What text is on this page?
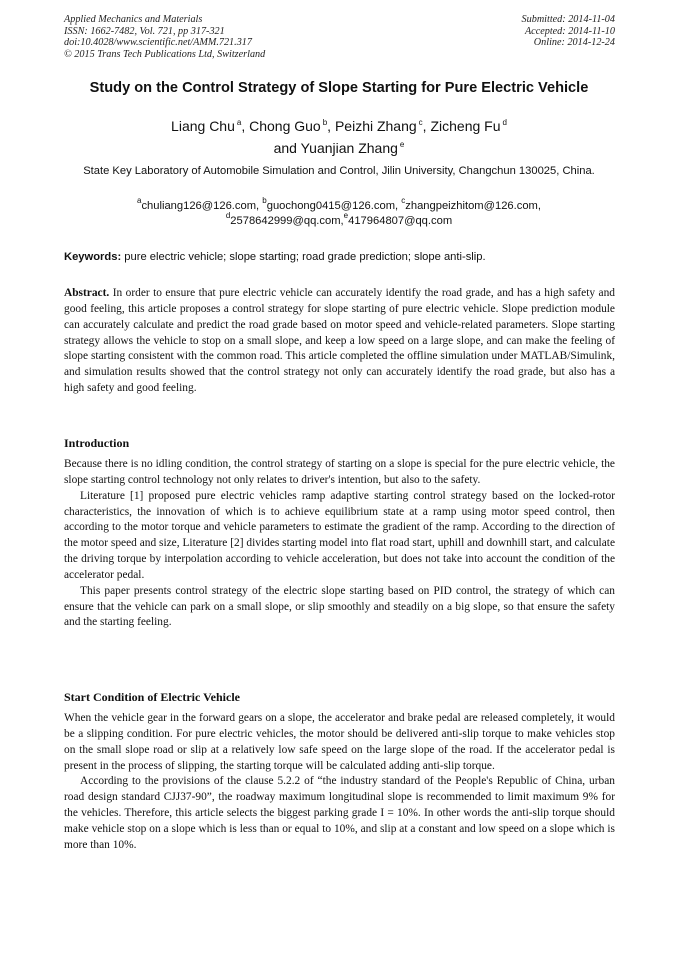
Applied Mechanics and Materials
ISSN: 1662-7482, Vol. 721, pp 317-321
doi:10.4028/www.scientific.net/AMM.721.317
© 2015 Trans Tech Publications Ltd, Switzerland
Submitted: 2014-11-04
Accepted: 2014-11-10
Online: 2014-12-24
Study on the Control Strategy of Slope Starting for Pure Electric Vehicle
Liang Chu $^a$, Chong Guo $^b$, Peizhi Zhang $^c$, Zicheng Fu $^d$
and Yuanjian Zhang $^e$
State Key Laboratory of Automobile Simulation and Control, Jilin University, Changchun 130025, China.
$^a$chuliang126@126.com, $^b$guochong0415@126.com, $^c$zhangpeizhitom@126.com,
$^d$2578642999@qq.com,$^e$417964807@qq.com
Keywords: pure electric vehicle; slope starting; road grade prediction; slope anti-slip.

Abstract. In order to ensure that pure electric vehicle can accurately identify the road grade, and has a high safety and good feeling, this article proposes a control strategy for slope starting of pure electric vehicle. Slope prediction module can accurately calculate and predict the road grade based on motor speed and vehicle-related parameters. Slope starting strategy allows the vehicle to stop on a small slope, and keep a low speed on a large slope, and can make the feeling of slope starting consistent with the common road. This article completed the offline simulation under MATLAB/Simulink, and simulation results showed that the control strategy not only can accurately identify the road grade, but also has a high safety and good feeling.

Introduction

Because there is no idling condition, the control strategy of starting on a slope is special for the pure electric vehicle, the slope starting control technology not only relates to driver's intention, but also to the safety.

Literature [1] proposed pure electric vehicles ramp adaptive starting control strategy based on the locked-rotor characteristics, the innovation of which is to achieve equilibrium state at a ramp using motor speed control, then according to the motor torque and vehicle parameters to estimate the gradient of the ramp. According to the direction of the motor speed and size, Literature [2] divides starting model into flat road start, uphill and downhill start, and calculate the driving torque by interpolation according to vehicle acceleration, but does not take into account the condition of the accelerator pedal.

This paper presents control strategy of the electric slope starting based on PID control, the strategy of which can ensure that the vehicle can park on a small slope, or slip smoothly and steadily on a big slope, so that ensure the safety and the starting feeling.

Start Condition of Electric Vehicle

When the vehicle gear in the forward gears on a slope, the accelerator and brake pedal are released completely, it would be a slipping condition. For pure electric vehicles, the motor should be delivered anti-slip torque to make vehicles stop on the small slope road or slip at a relatively low safe speed on the large slope of the road. If the accelerator pedal is present in the process of slipping, the starting torque will be calculated adding anti-slip torque.

According to the provisions of the clause 5.2.2 of “the industry standard of the People's Republic of China, urban road design standard CJJ37-90”, the roadway maximum longitudinal slope is recommended to limit maximum 9% for the vehicles. Therefore, this article selects the biggest parking grade I = 10%. In other words the anti-slip torque should make vehicle stop on a slope which is less than or equal to 10%, and slip at a constant and low speed on a slope which is more than 10%.
